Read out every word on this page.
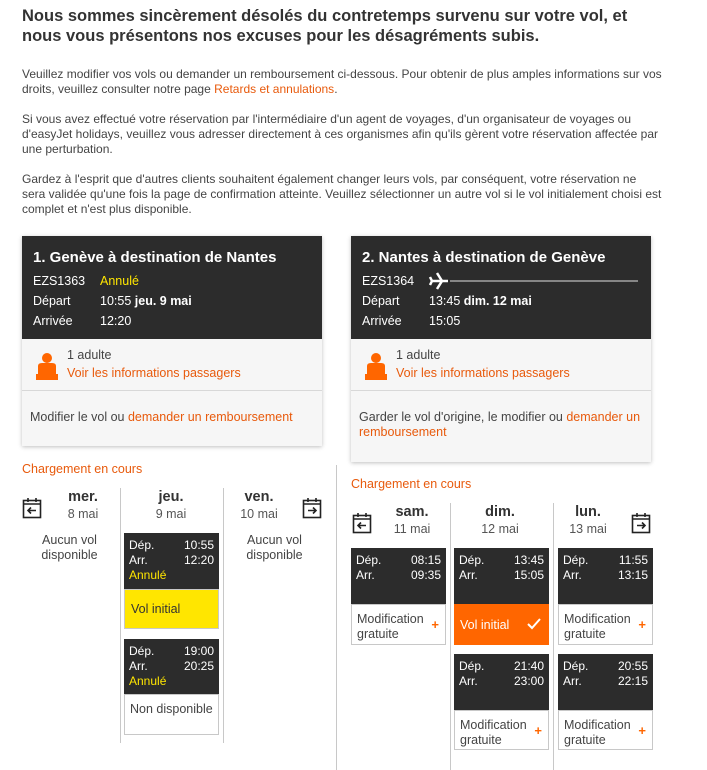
Nous sommes sincèrement désolés du contretemps survenu sur votre vol, et nous vous présentons nos excuses pour les désagréments subis.
Veuillez modifier vos vols ou demander un remboursement ci-dessous. Pour obtenir de plus amples informations sur vos droits, veuillez consulter notre page Retards et annulations.
Si vous avez effectué votre réservation par l'intermédiaire d'un agent de voyages, d'un organisateur de voyages ou d'easyJet holidays, veuillez vous adresser directement à ces organismes afin qu'ils gèrent votre réservation affectée par une perturbation.
Gardez à l'esprit que d'autres clients souhaitent également changer leurs vols, par conséquent, votre réservation ne sera validée qu'une fois la page de confirmation atteinte. Veuillez sélectionner un autre vol si le vol initialement choisi est complet et n'est plus disponible.
1. Genève à destination de Nantes
EZS1363 Annulé
Départ 10:55 jeu. 9 mai
Arrivée 12:20
1 adulte
Voir les informations passagers
Modifier le vol ou demander un remboursement
2. Nantes à destination de Genève
EZS1364
Départ 13:45 dim. 12 mai
Arrivée 15:05
1 adulte
Voir les informations passagers
Garder le vol d'origine, le modifier ou demander un remboursement
Chargement en cours
mer.
8 mai
jeu.
9 mai
ven.
10 mai
Aucun vol disponible
Aucun vol disponible
Dép. 10:55
Arr.	12:20
Annulé
Vol initial
Dép. 19:00
Arr.	20:25
Annulé
Non disponible
Chargement en cours
sam.
11 mai
dim.
12 mai
lun.
13 mai
Dép. 08:15
Arr.	09:35
Modification gratuite
+
Dép. 13:45
Arr.	15:05
Vol initial
Dép.	11:55
Arr.	13:15
Modification gratuite
+
Dép. 21:40
Arr.	23:00
Modification gratuite
+
Dép. 20:55
Arr.	22:15
Modification gratuite
+
